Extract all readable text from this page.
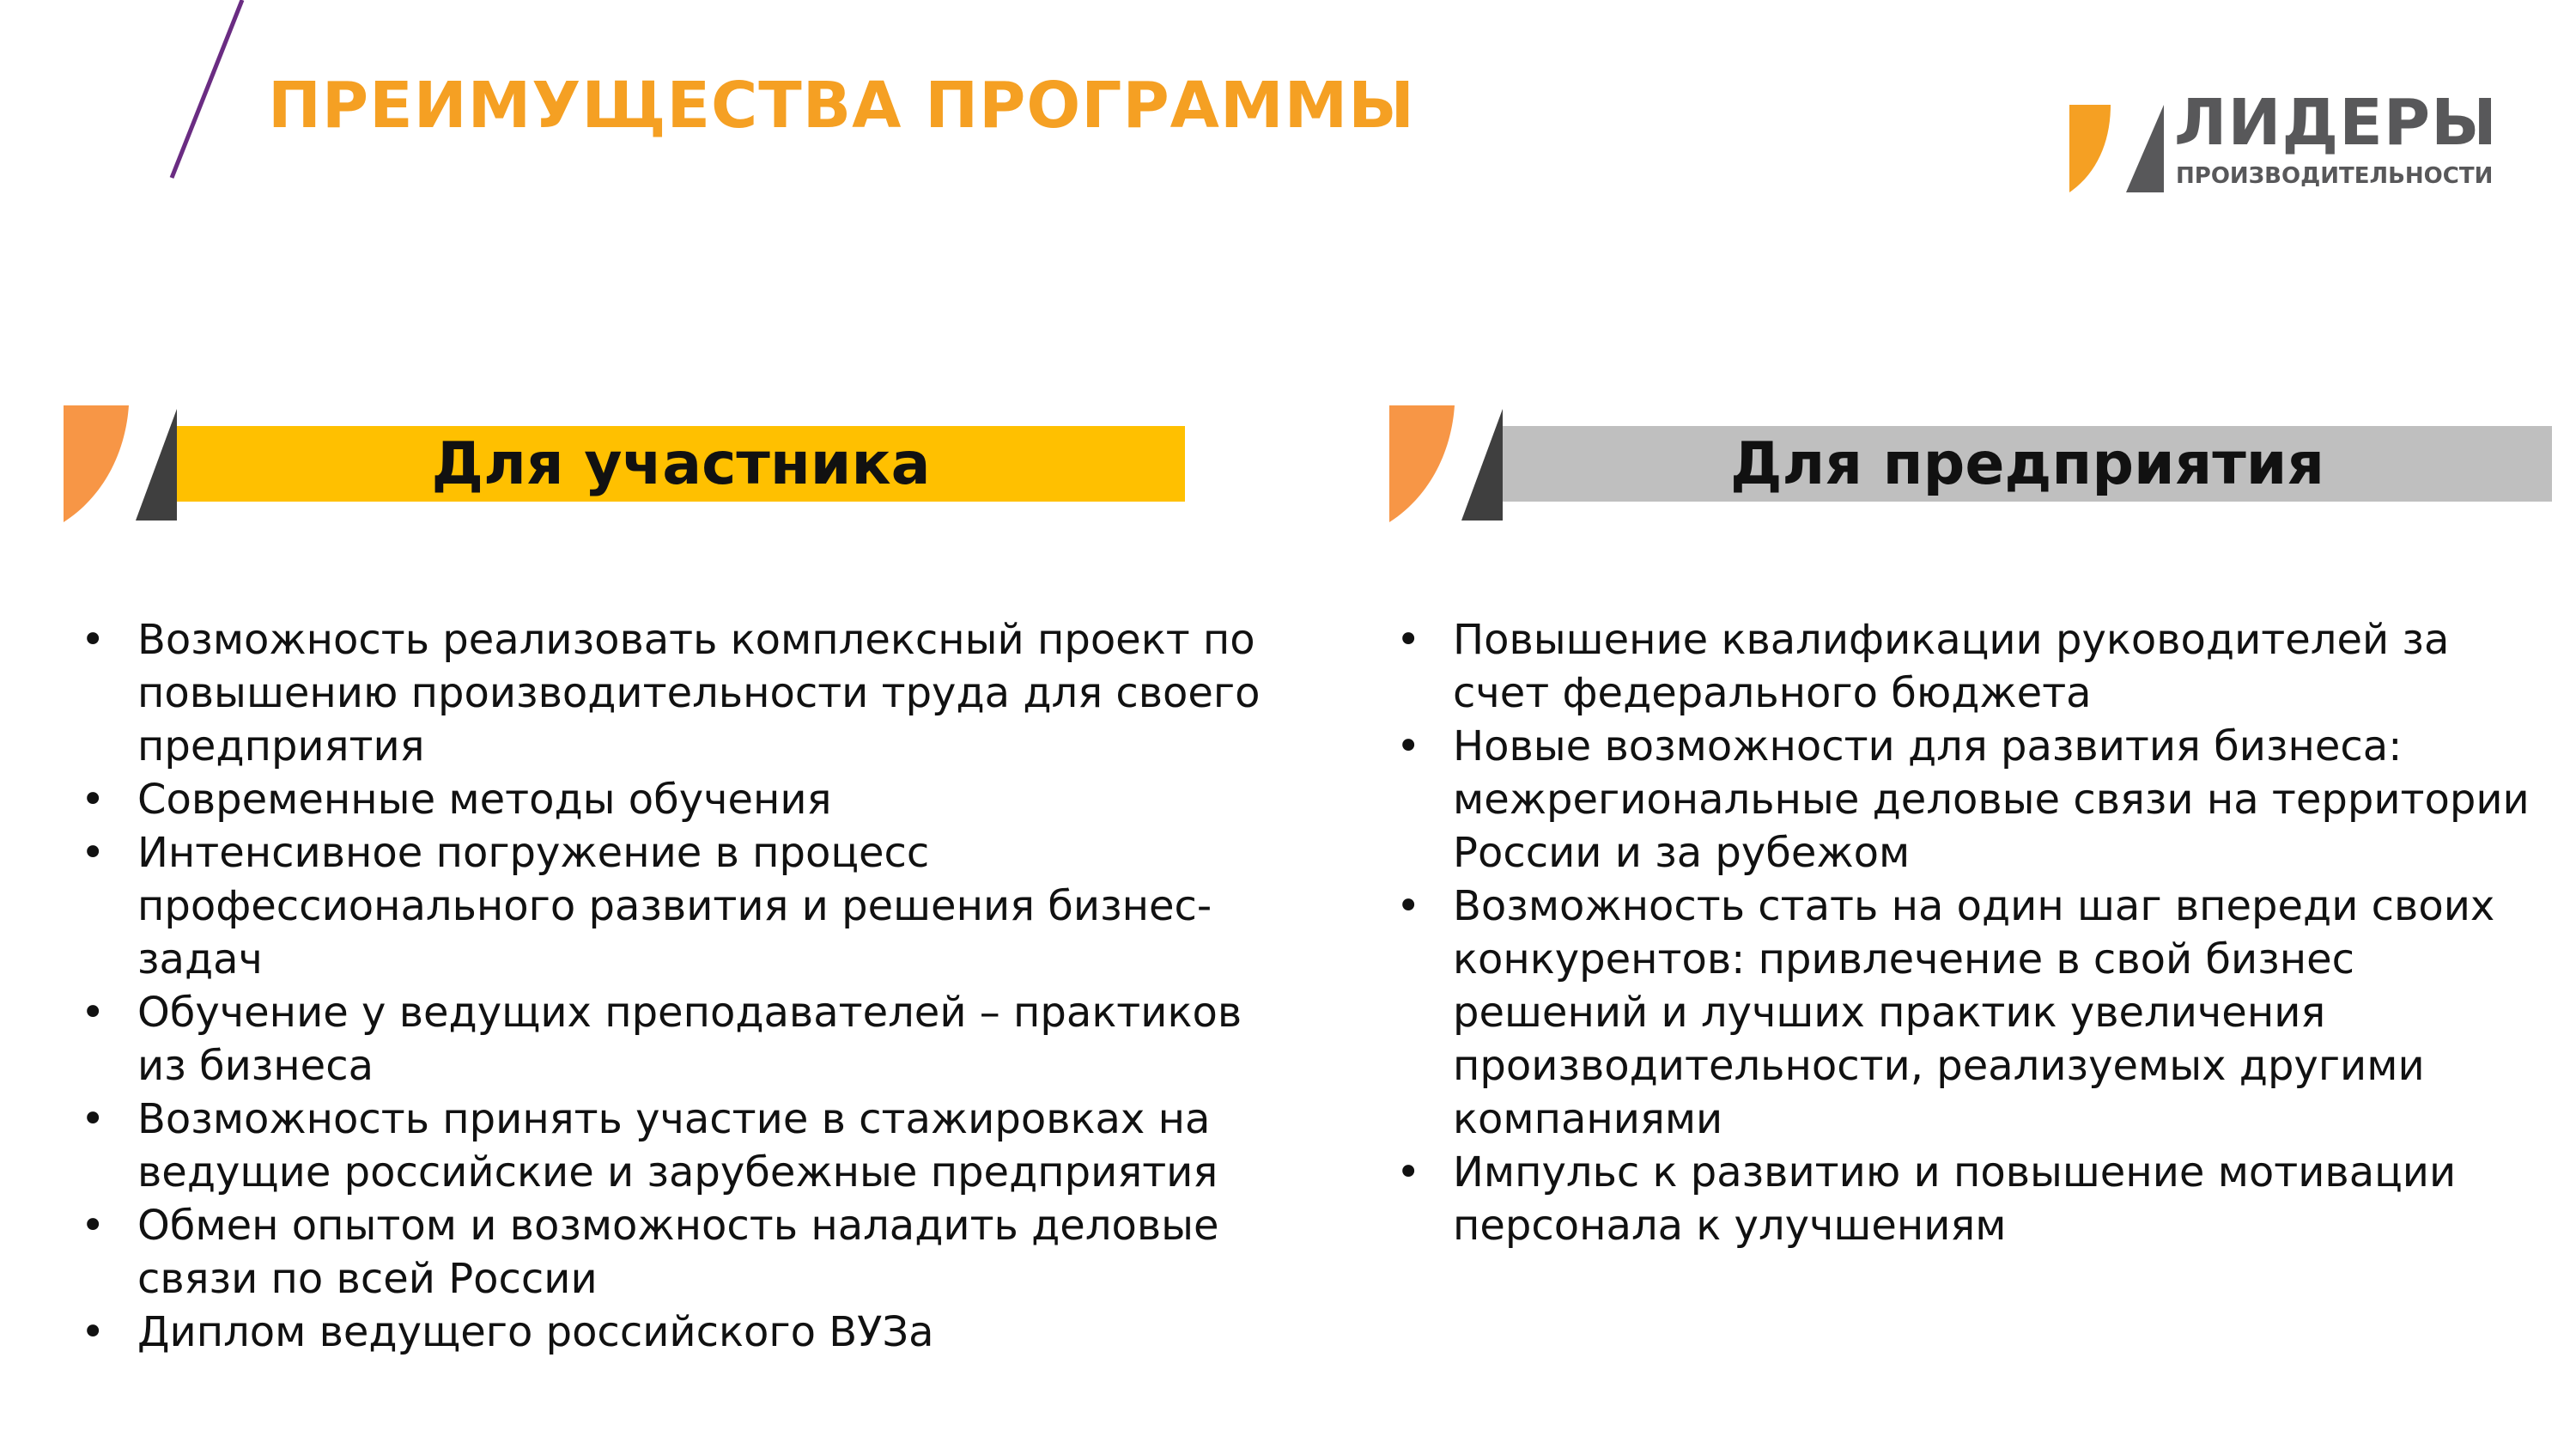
ПРЕИМУЩЕСТВА ПРОГРАММЫ	ЛИДЕРЫ
ПРОИЗВОДИТЕЛЬНОСТИ
Для участника	Для предприятия
• Возможность реализовать комплексный проект по повышению производительности труда для своего предприятия
• Современные методы обучения
• Интенсивное погружение в процесс профессионального развития и решения бизнес-задач
• Обучение у ведущих преподавателей – практиков из бизнеса
• Возможность принять участие в стажировках на ведущие российские и зарубежные предприятия
• Обмен опытом и возможность наладить деловые связи по всей России
• Диплом ведущего российского ВУЗа
• Повышение квалификации руководителей за счет федерального бюджета
• Новые возможности для развития бизнеса: межрегиональные деловые связи на территории России и за рубежом
• Возможность стать на один шаг впереди своих конкурентов: привлечение в свой бизнес решений и лучших практик увеличения производительности, реализуемых другими компаниями
• Импульс к развитию и повышение мотивации персонала к улучшениям
